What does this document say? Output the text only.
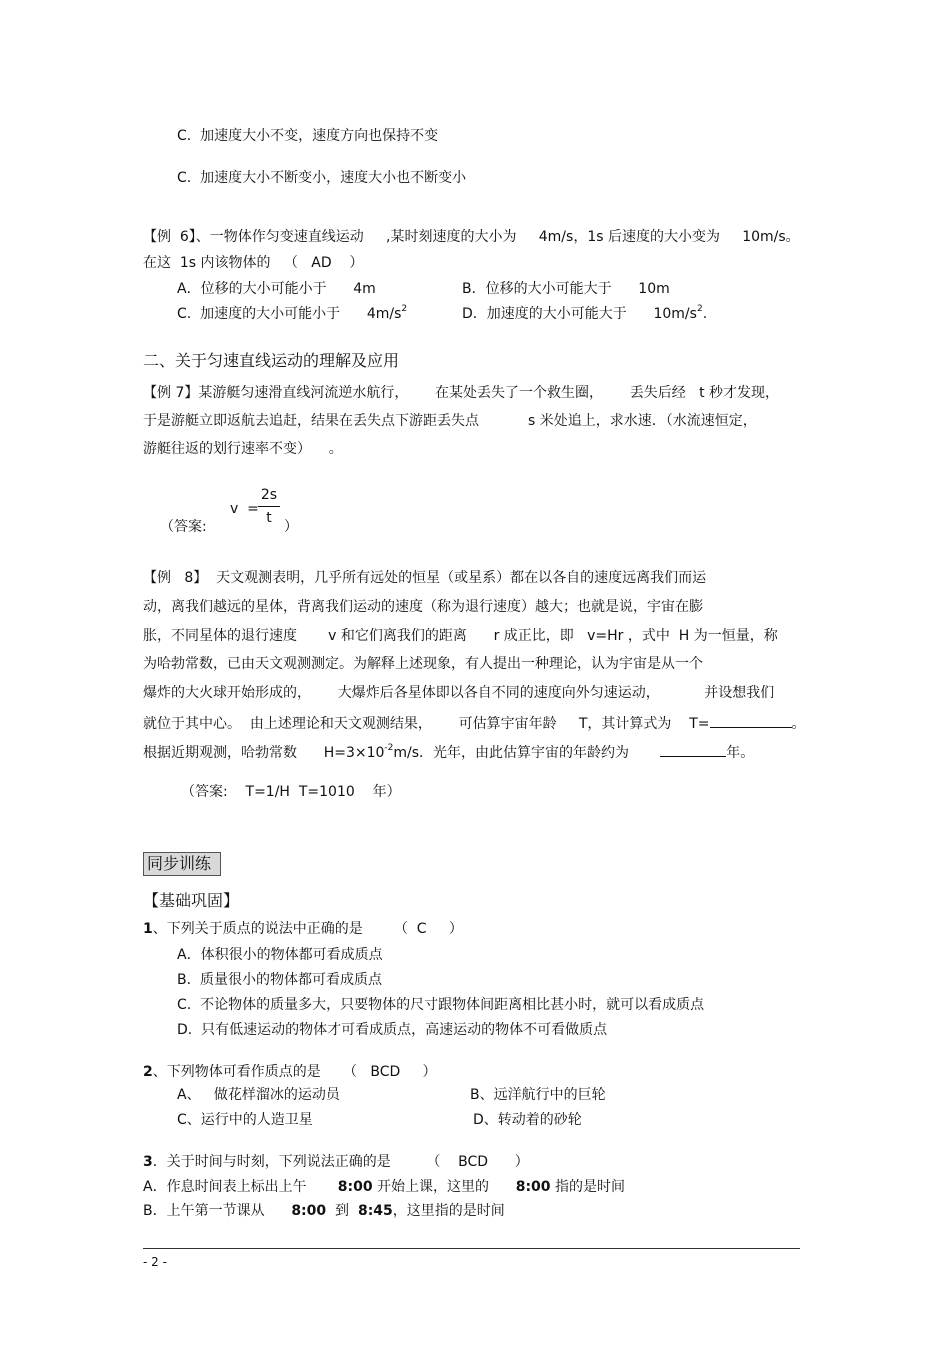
C.  加速度大小不变，速度方向也保持不变
C.  加速度大小不断变小，速度大小也不断变小
【例  6】、一物体作匀变速直线运动     ,某时刻速度的大小为     4m/s，1s 后速度的大小变为     10m/s。
在这  1s 内该物体的   （   AD    ）
A．位移的大小可能小于      4m	B．位移的大小可能大于      10m
C.  加速度的大小可能小于      $4m/s^2$	D．加速度的大小可能大于      $10m/s^2$.
二、关于匀速直线运动的理解及应用
【例 7】某游艇匀速滑直线河流逆水航行，      在某处丢失了一个救生圈，      丢失后经   t 秒才发现，
于是游艇立即返航去追赶，结果在丢失点下游距丢失点           s 米处追上，求水速．（水流速恒定，
游艇往返的划行速率不变）    。
（答案:
v  =
2s
t
）
【例   8】  天文观测表明，几乎所有远处的恒星（或星系）都在以各自的速度远离我们而运
动，离我们越远的星体，背离我们运动的速度（称为退行速度）越大；也就是说，宇宙在膨
胀，不同星体的退行速度       v 和它们离我们的距离      r 成正比，即   v=Hr ，式中  H 为一恒量，称
为哈勃常数，已由天文观测测定。为解释上述现象，有人提出一种理论，认为宇宙是从一个
爆炸的大火球开始形成的，      大爆炸后各星体即以各自不同的速度向外匀速运动，          并设想我们
就位于其中心。  由上述理论和天文观测结果，      可估算宇宙年龄     T，其计算式为    T=	。
根据近期观测，哈勃常数      $H=3\times 10^{-2}m/s$．光年，由此估算宇宙的年龄约为	年。
（答案:    T=1/H  T=1010    年）
同步训练
【基础巩固】
1、下列关于质点的说法中正确的是       （  C     ）
A．体积很小的物体都可看成质点
B.  质量很小的物体都可看成质点
C.  不论物体的质量多大，只要物体的尺寸跟物体间距离相比甚小时，就可以看成质点
D.  只有低速运动的物体才可看成质点，高速运动的物体不可看做质点
2、下列物体可看作质点的是     （   BCD     ）
A、   做花样溜冰的运动员	B、远洋航行中的巨轮
C、运行中的人造卫星	D、转动着的砂轮
3．关于时间与时刻，下列说法正确的是        （    BCD      ）
A．作息时间表上标出上午       8:00 开始上课，这里的      8:00 指的是时间
B．上午第一节课从      8:00  到  8:45，这里指的是时间
- 2 -
